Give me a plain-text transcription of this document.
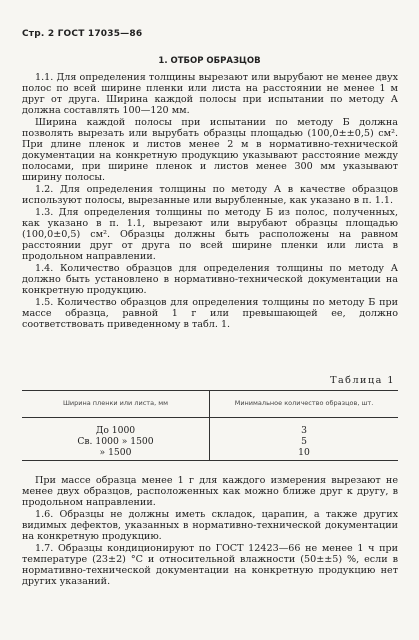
Стр. 2 ГОСТ 17035—86
1. ОТБОР ОБРАЗЦОВ

1.1. Для определения толщины вырезают или вырубают не менее двух полос по всей ширине пленки или листа на расстоянии не менее 1 м друг от друга. Ширина каждой полосы при испытании по методу А должна составлять 100—120 мм.

Ширина каждой полосы при испытании по методу Б должна позволять вырезать или вырубать образцы площадью (100,0±±0,5) см². При длине пленок и листов менее 2 м в нормативно-технической документации на конкретную продукцию указывают расстояние между полосами, при ширине пленок и листов менее 300 мм указывают ширину полосы.

1.2. Для определения толщины по методу А в качестве образцов используют полосы, вырезанные или вырубленные, как указано в п. 1.1.

1.3. Для определения толщины по методу Б из полос, полученных, как указано в п. 1.1, вырезают или вырубают образцы площадью (100,0±0,5) см². Образцы должны быть расположены на равном расстоянии друг от друга по всей ширине пленки или листа в продольном направлении.

1.4. Количество образцов для определения толщины по методу А должно быть установлено в нормативно-технической документации на конкретную продукцию.

1.5. Количество образцов для определения толщины по методу Б при массе образца, равной 1 г или превышающей ее, должно соответствовать приведенному в табл. 1.

Таблица 1
Ширина пленки или листа, мм	Минимальное количество образцов, шт.
До 1000	3
Св. 1000 » 1500	5
» 1500	10

При массе образца менее 1 г для каждого измерения вырезают не менее двух образцов, расположенных как можно ближе друг к другу, в продольном направлении.

1.6. Образцы не должны иметь складок, царапин, а также других видимых дефектов, указанных в нормативно-технической документации на конкретную продукцию.

1.7. Образцы кондиционируют по ГОСТ 12423—66 не менее 1 ч при температуре (23±2) °С и относительной влажности (50±±5) %, если в нормативно-технической документации на конкретную продукцию нет других указаний.
